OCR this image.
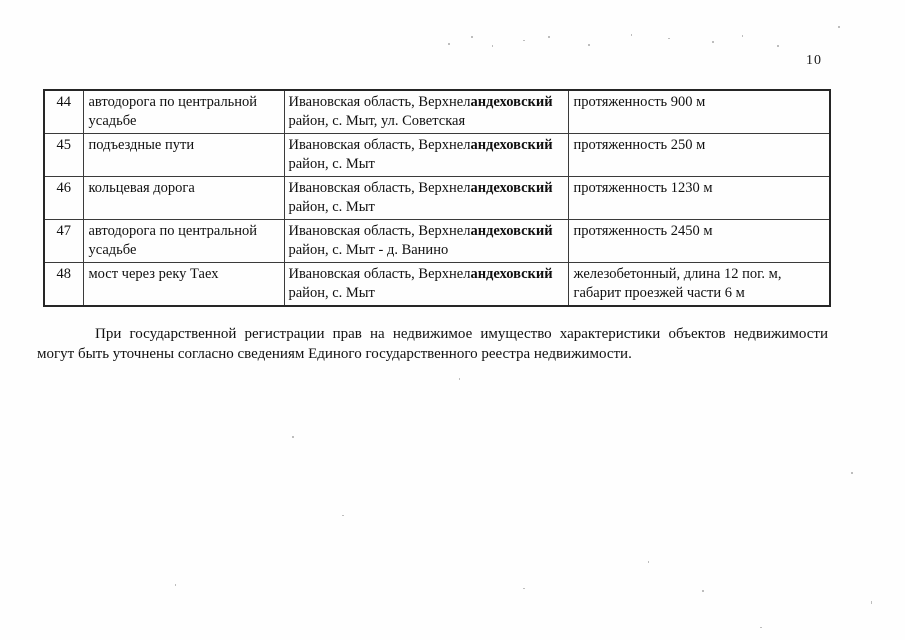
10
44	автодорога по центральной усадьбе	Ивановская область, Верхнеландеховский район, с. Мыт, ул. Советская	протяженность 900 м
45	подъездные пути	Ивановская область, Верхнеландеховский район, с. Мыт	протяженность 250 м
46	кольцевая дорога	Ивановская область, Верхнеландеховский район, с. Мыт	протяженность 1230 м
47	автодорога по центральной усадьбе	Ивановская область, Верхнеландеховский район, с. Мыт - д. Ванино	протяженность 2450 м
48	мост через реку Таех	Ивановская область, Верхнеландеховский район, с. Мыт	железобетонный, длина 12 пог. м, габарит проезжей части 6 м

При государственной регистрации прав на недвижимое имущество характеристики объектов недвижимости могут быть уточнены согласно сведениям Единого государственного реестра недвижимости.
